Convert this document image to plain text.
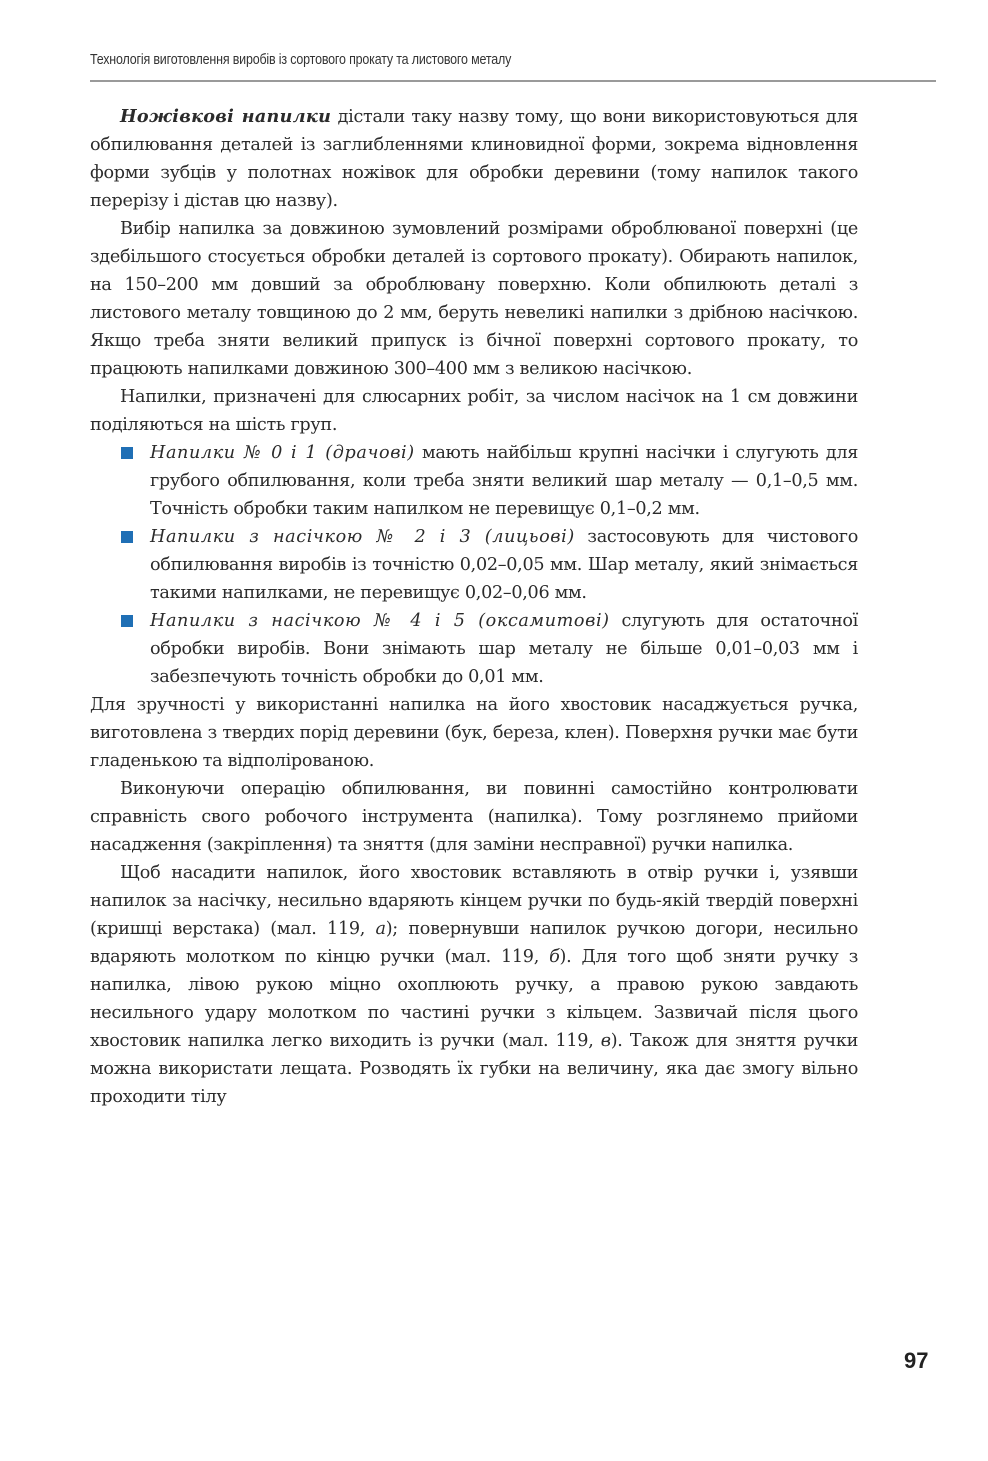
Технологія виготовлення виробів із сортового прокату та листового металу

Ножівкові напилки дістали таку назву тому, що вони використовуються для обпилювання деталей із заглибленнями клиновидної форми, зокрема відновлення форми зубців у полотнах ножівок для обробки деревини (тому напилок такого перерізу і дістав цю назву).

Вибір напилка за довжиною зумовлений розмірами оброблюваної поверхні (це здебільшого стосується обробки деталей із сортового прокату). Обирають напилок, на 150–200 мм довший за оброблювану поверхню. Коли обпилюють деталі з листового металу товщиною до 2 мм, беруть невеликі напилки з дрібною насічкою. Якщо треба зняти великий припуск із бічної поверхні сортового прокату, то працюють напилками довжиною 300–400 мм з великою насічкою.

Напилки, призначені для слюсарних робіт, за числом насічок на 1 см довжини поділяються на шість груп.

Напилки № 0 і 1 (драчові) мають найбільш крупні насічки і слугують для грубого обпилювання, коли треба зняти великий шар металу — 0,1–0,5 мм. Точність обробки таким напилком не перевищує 0,1–0,2 мм.
Напилки з насічкою № 2 і 3 (лицьові) застосовують для чистового обпилювання виробів із точністю 0,02–0,05 мм. Шар металу, який знімається такими напилками, не перевищує 0,02–0,06 мм.
Напилки з насічкою № 4 і 5 (оксамитові) слугують для остаточної обробки виробів. Вони знімають шар металу не більше 0,01–0,03 мм і забезпечують точність обробки до 0,01 мм.

Для зручності у використанні напилка на його хвостовик насаджується ручка, виготовлена з твердих порід деревини (бук, береза, клен). Поверхня ручки має бути гладенькою та відполірованою.

Виконуючи операцію обпилювання, ви повинні самостійно контролювати справність свого робочого інструмента (напилка). Тому розглянемо прийоми насадження (закріплення) та зняття (для заміни несправної) ручки напилка.

Щоб насадити напилок, його хвостовик вставляють в отвір ручки і, узявши напилок за насічку, несильно вдаряють кінцем ручки по будь-якій твердій поверхні (кришці верстака) (мал. 119, а); повернувши напилок ручкою догори, несильно вдаряють молотком по кінцю ручки (мал. 119, б). Для того щоб зняти ручку з напилка, лівою рукою міцно охоплюють ручку, а правою рукою завдають несильного удару молотком по частині ручки з кільцем. Зазвичай після цього хвостовик напилка легко виходить із ручки (мал. 119, в). Також для зняття ручки можна використати лещата. Розводять їх губки на величину, яка дає змогу вільно проходити тілу

97
